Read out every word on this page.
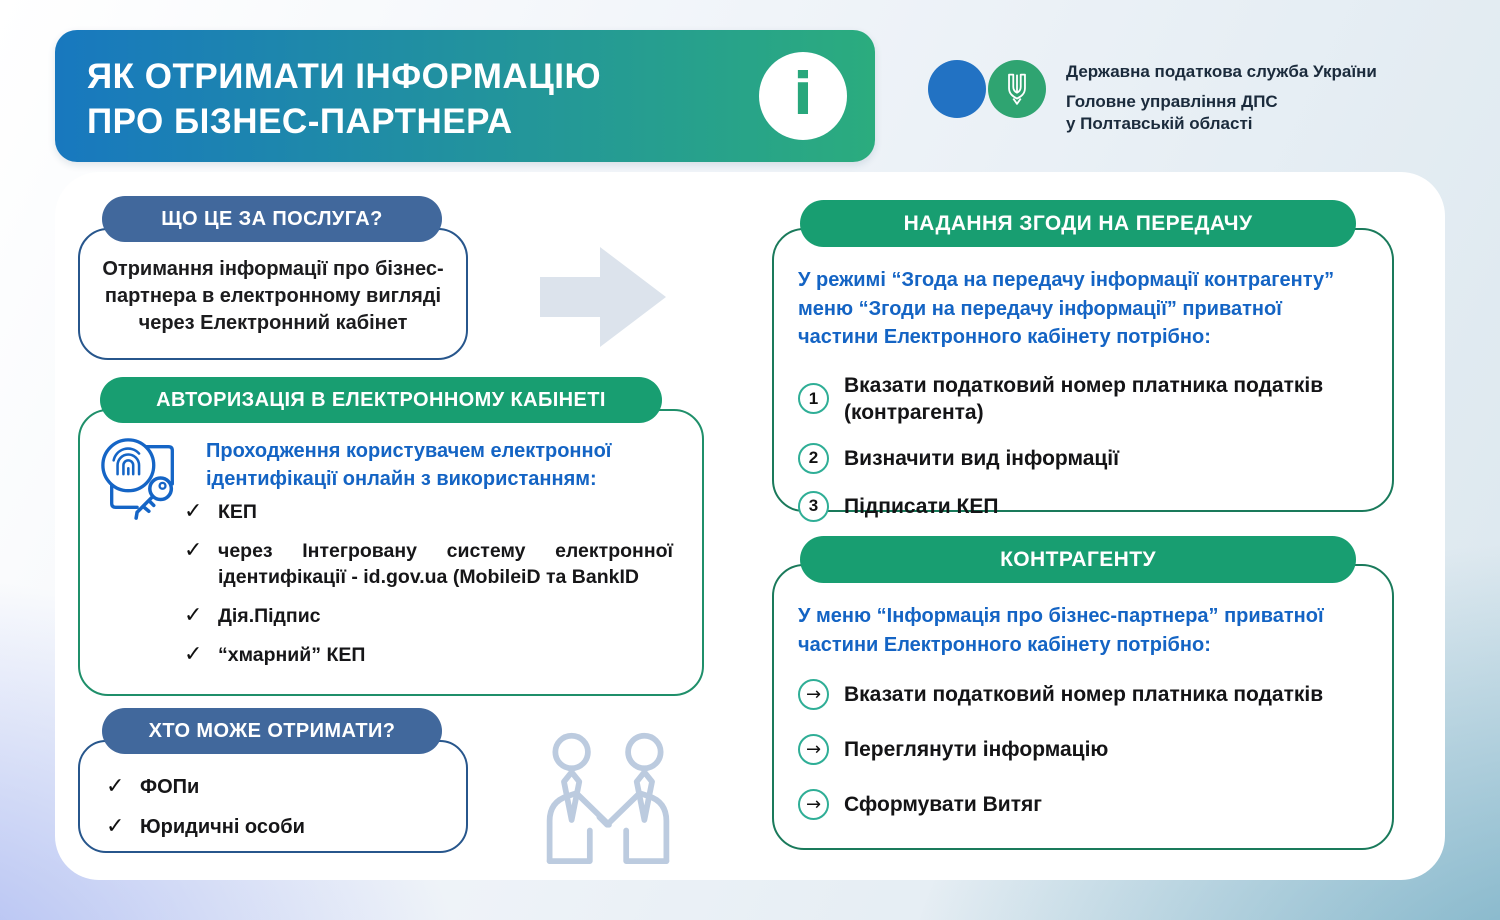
ЯК ОТРИМАТИ ІНФОРМАЦІЮ
ПРО БІЗНЕС-ПАРТНЕРА	i	Державна податкова служба України
Головне управління ДПС
у Полтавській області
ЩО ЦЕ ЗА ПОСЛУГА?
Отримання інформації про бізнес-партнера в електронному вигляді через Електронний кабінет
АВТОРИЗАЦІЯ В ЕЛЕКТРОННОМУ КАБІНЕТІ
Проходження користувачем електронної ідентифікації онлайн з використанням:
✓ КЕП
✓ через Інтегровану систему електронної ідентифікації - id.gov.ua (MobileiD та BankID
✓ Дія.Підпис
✓ “хмарний” КЕП
ХТО МОЖЕ ОТРИМАТИ?
✓ ФОПи
✓ Юридичні особи
НАДАННЯ ЗГОДИ НА ПЕРЕДАЧУ
У режимі “Згода на передачу інформації контрагенту” меню “Згоди на передачу інформації” приватної частини Електронного кабінету потрібно:
1
Вказати податковий номер платника податків (контрагента)
2	Визначити вид інформації
3	Підписати КЕП
КОНТРАГЕНТУ
У меню “Інформація про бізнес-партнера” приватної частини Електронного кабінету потрібно:
→	Вказати податковий номер платника податків
→	Переглянути інформацію
→	Сформувати Витяг
